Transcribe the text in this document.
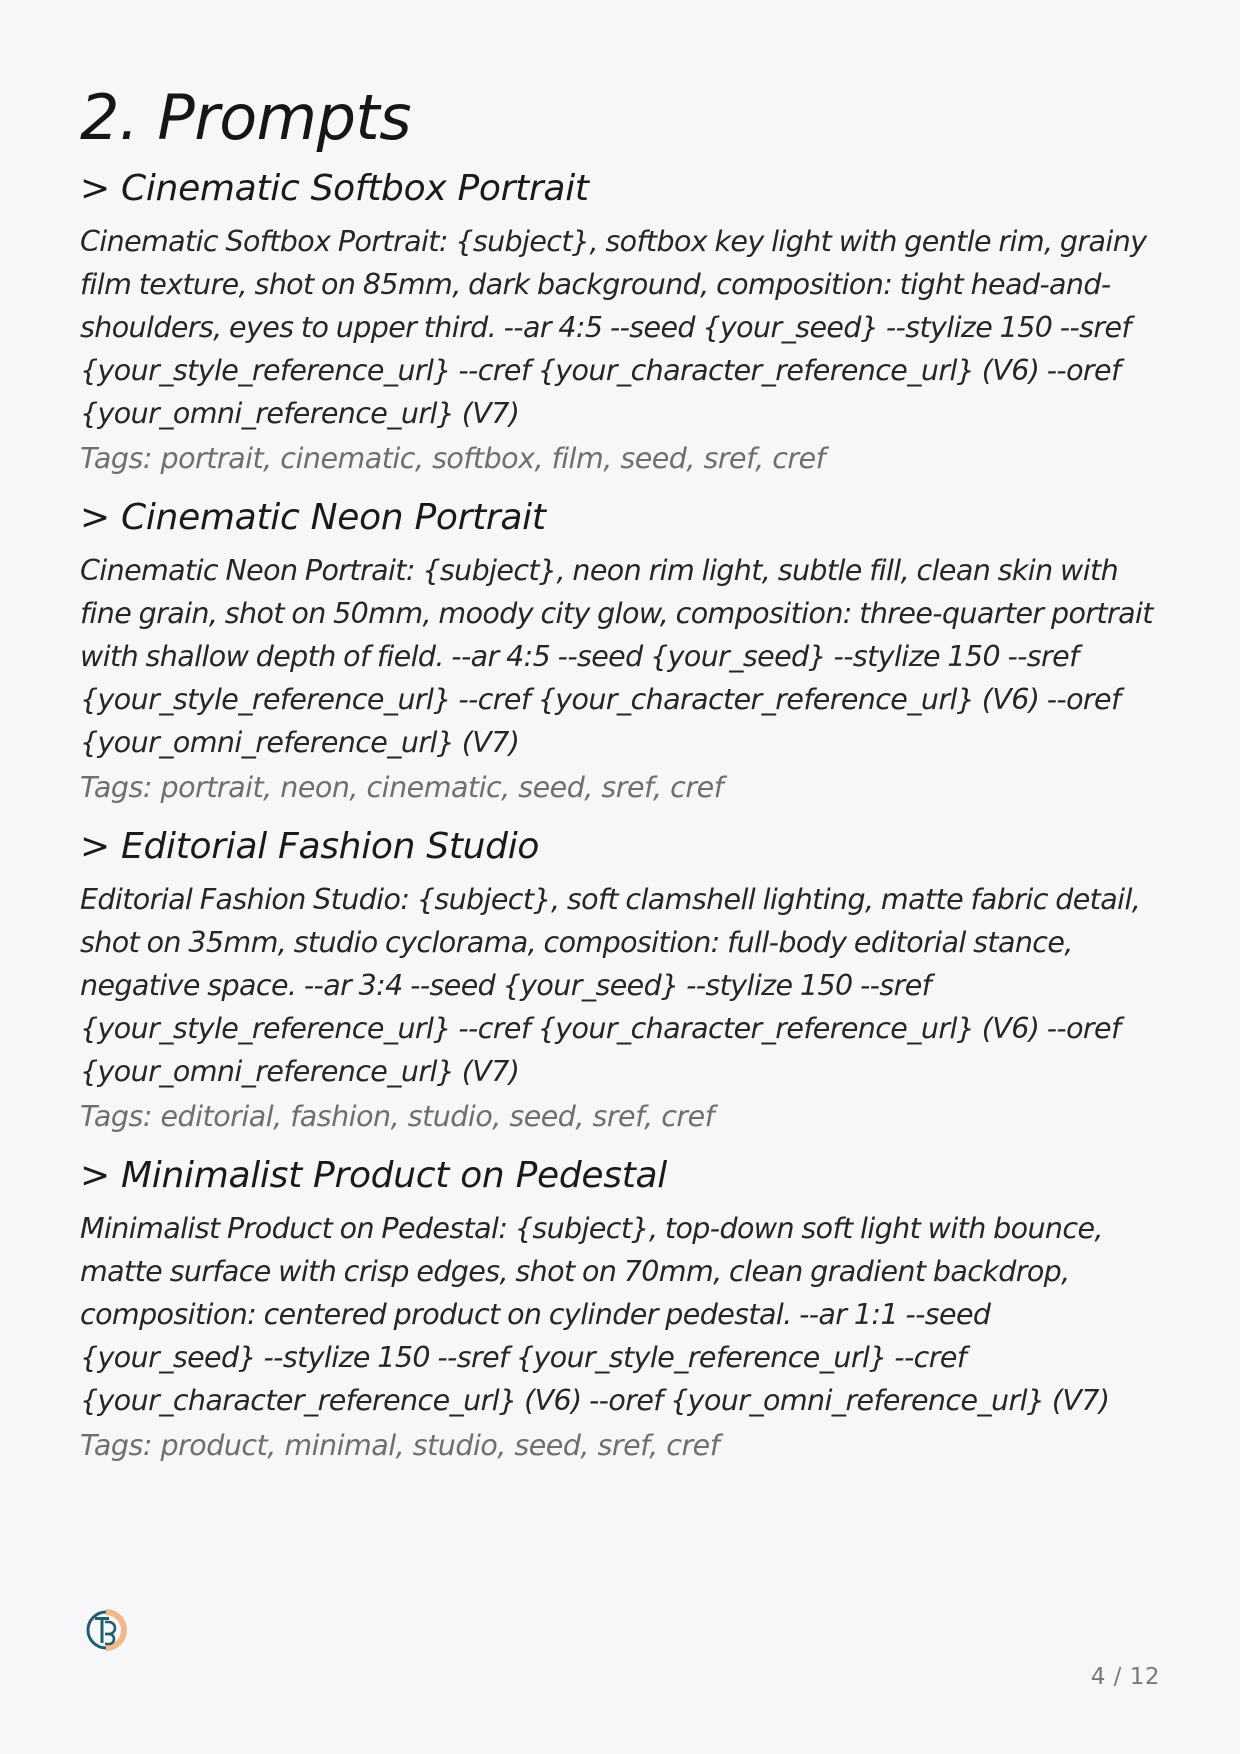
2. Prompts
> Cinematic Softbox Portrait

Cinematic Softbox Portrait: {subject}, softbox key light with gentle rim, grainy film texture, shot on 85mm, dark background, composition: tight head-and-shoulders, eyes to upper third. --ar 4:5 --seed {your_seed} --stylize 150 --sref {your_style_reference_url} --cref {your_character_reference_url} (V6) --oref {your_omni_reference_url} (V7)

Tags: portrait, cinematic, softbox, film, seed, sref, cref

> Cinematic Neon Portrait

Cinematic Neon Portrait: {subject}, neon rim light, subtle fill, clean skin with fine grain, shot on 50mm, moody city glow, composition: three-quarter portrait with shallow depth of field. --ar 4:5 --seed {your_seed} --stylize 150 --sref {your_style_reference_url} --cref {your_character_reference_url} (V6) --oref {your_omni_reference_url} (V7)

Tags: portrait, neon, cinematic, seed, sref, cref

> Editorial Fashion Studio

Editorial Fashion Studio: {subject}, soft clamshell lighting, matte fabric detail, shot on 35mm, studio cyclorama, composition: full-body editorial stance, negative space. --ar 3:4 --seed {your_seed} --stylize 150 --sref {your_style_reference_url} --cref {your_character_reference_url} (V6) --oref {your_omni_reference_url} (V7)

Tags: editorial, fashion, studio, seed, sref, cref

> Minimalist Product on Pedestal

Minimalist Product on Pedestal: {subject}, top-down soft light with bounce, matte surface with crisp edges, shot on 70mm, clean gradient backdrop, composition: centered product on cylinder pedestal. --ar 1:1 --seed {your_seed} --stylize 150 --sref {your_style_reference_url} --cref {your_character_reference_url} (V6) --oref {your_omni_reference_url} (V7)

Tags: product, minimal, studio, seed, sref, cref

4 / 12
